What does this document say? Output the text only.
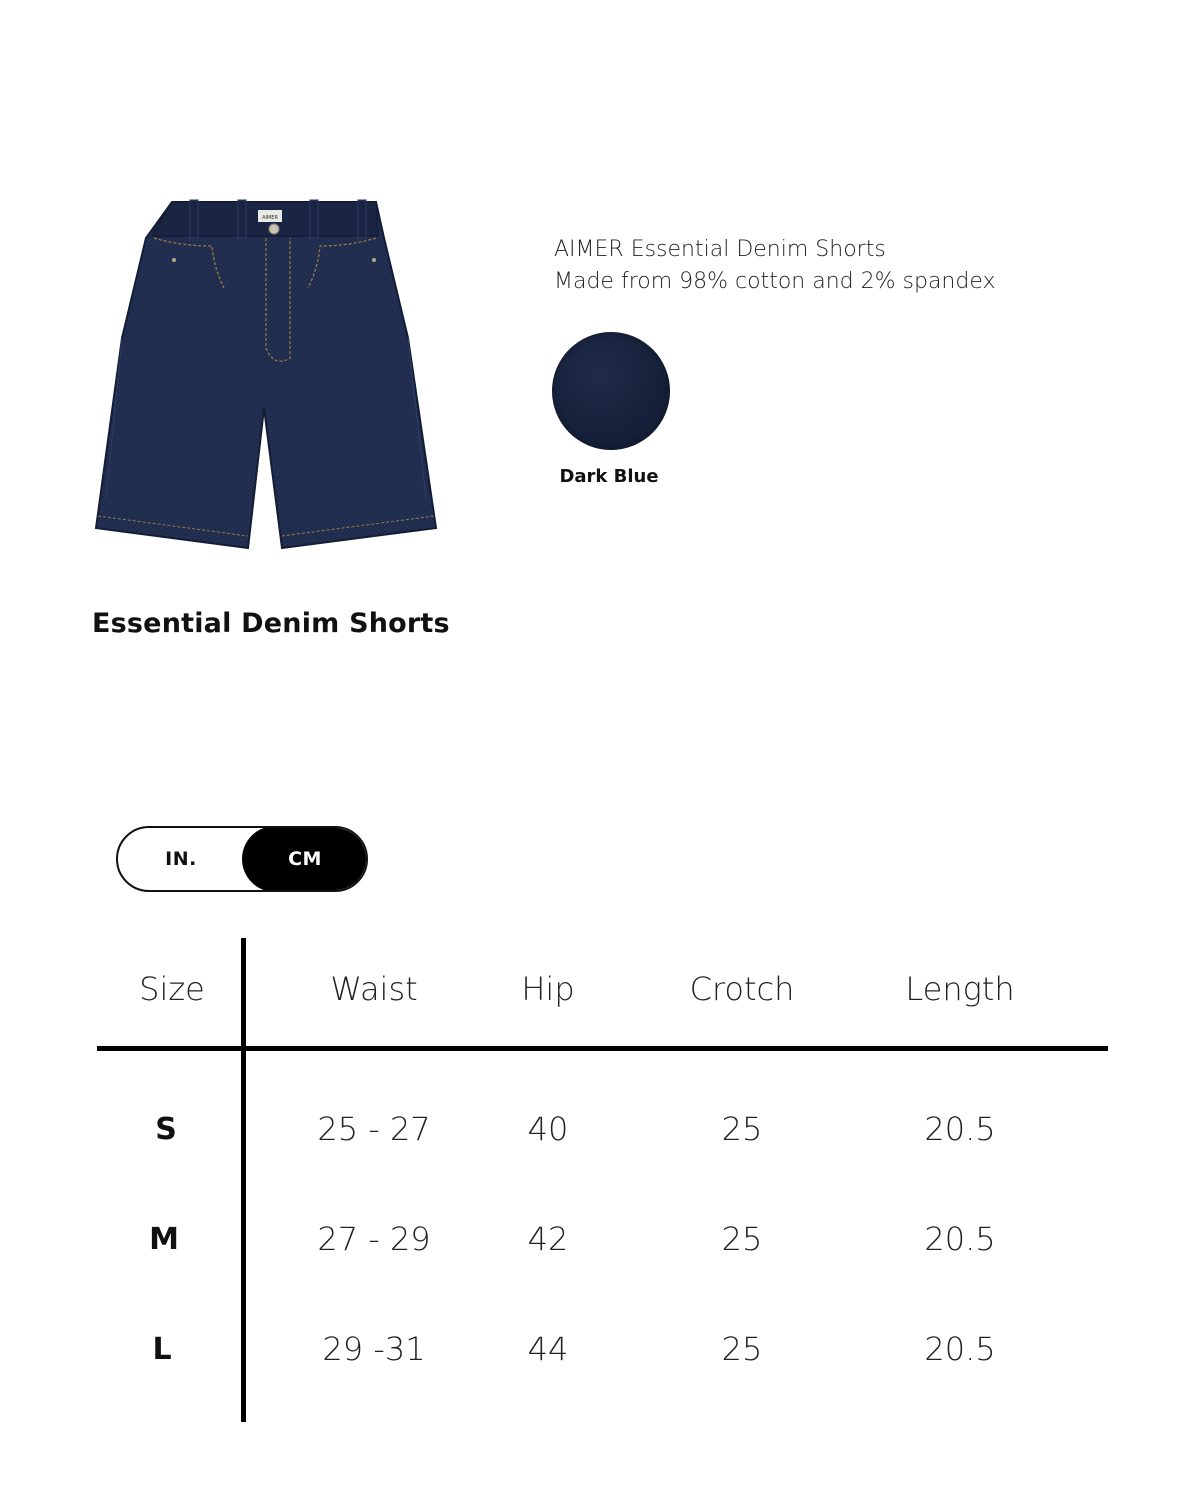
AIMER
Essential Denim Shorts
AIMER Essential Denim Shorts
Made from 98% cotton and 2% spandex
Dark Blue
IN.	CM
Size	Waist	Hip	Crotch	Length
S	25 - 27	40	25	20.5
M	27 - 29	42	25	20.5
L	29 -31	44	25	20.5
